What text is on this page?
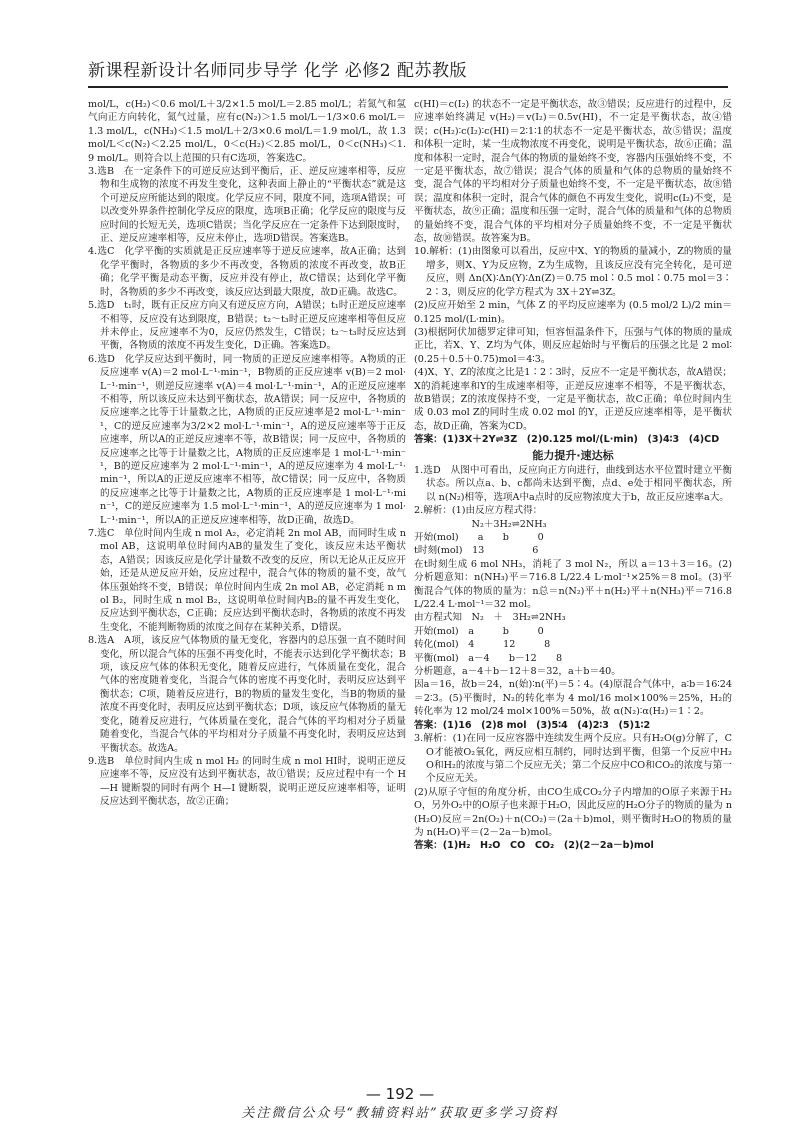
新课程新设计名师同步导学 化学 必修2 配苏教版

mol/L，c(H₂)＜0.6 mol/L＋3/2×1.5 mol/L＝2.85 mol/L；若氮气和氢气向正方向转化，氮气过量，应有c(N₂)＞1.5 mol/L－1/3×0.6 mol/L＝1.3 mol/L，c(NH₃)＜1.5 mol/L＋2/3×0.6 mol/L＝1.9 mol/L，故 1.3 mol/L＜c(N₂)＜2.25 mol/L，0＜c(H₂)＜2.85 mol/L，0＜c(NH₃)＜1.9 mol/L。则符合以上范围的只有C选项，答案选C。

3.选B　在一定条件下的可逆反应达到平衡后，正、逆反应速率相等，反应物和生成物的浓度不再发生变化，这种表面上静止的“平衡状态”就是这个可逆反应所能达到的限度。化学反应不同，限度不同，选项A错误；可以改变外界条件控制化学反应的限度，选项B正确；化学反应的限度与反应时间的长短无关，选项C错误；当化学反应在一定条件下达到限度时，正、逆反应速率相等，反应未停止，选项D错误。答案选B。

4.选C　化学平衡的实质就是正反应速率等于逆反应速率，故A正确；达到化学平衡时，各物质的多少不再改变，各物质的浓度不再改变，故B正确；化学平衡是动态平衡，反应并没有停止，故C错误；达到化学平衡时，各物质的多少不再改变，该反应达到最大限度，故D正确。故选C。

5.选D　t₁时，既有正反应方向又有逆反应方向，A错误；t₁时正逆反应速率不相等，反应没有达到限度，B错误；t₂～t₃时正逆反应速率相等但反应并未停止，反应速率不为0，反应仍然发生，C错误；t₂～t₃时反应达到平衡，各物质的浓度不再发生变化，D正确。答案选D。

6.选D　化学反应达到平衡时，同一物质的正逆反应速率相等。A物质的正反应速率 v(A)＝2 mol·L⁻¹·min⁻¹，B物质的正反应速率 v(B)＝2 mol·L⁻¹·min⁻¹，则逆反应速率 v(A)＝4 mol·L⁻¹·min⁻¹，A的正逆反应速率不相等，所以该反应未达到平衡状态，故A错误；同一反应中，各物质的反应速率之比等于计量数之比，A物质的正反应速率是2 mol·L⁻¹·min⁻¹，C的逆反应速率为3/2×2 mol·L⁻¹·min⁻¹，A的逆反应速率等于正反应速率，所以A的正逆反应速率不等，故B错误；同一反应中，各物质的反应速率之比等于计量数之比，A物质的正反应速率是 1 mol·L⁻¹·min⁻¹，B的逆反应速率为 2 mol·L⁻¹·min⁻¹，A的逆反应速率为 4 mol·L⁻¹·min⁻¹，所以A的正逆反应速率不相等，故C错误；同一反应中，各物质的反应速率之比等于计量数之比，A物质的正反应速率是 1 mol·L⁻¹·min⁻¹，C的逆反应速率为 1.5 mol·L⁻¹·min⁻¹，A的逆反应速率为 1 mol·L⁻¹·min⁻¹，所以A的正逆反应速率相等，故D正确，故选D。

7.选C　单位时间内生成 n mol A₂，必定消耗 2n mol AB，而同时生成 n mol AB，这说明单位时间内AB的量发生了变化，该反应未达平衡状态，A错误；因该反应是化学计量数不改变的反应，所以无论从正反应开始，还是从逆反应开始，反应过程中，混合气体的物质的量不变，故气体压强始终不变，B错误；单位时间内生成 2n mol AB，必定消耗 n mol B₂，同时生成 n mol B₂，这说明单位时间内B₂的量不再发生变化，反应达到平衡状态，C正确；反应达到平衡状态时，各物质的浓度不再发生变化，不能判断物质的浓度之间存在某种关系，D错误。

8.选A　A项，该反应气体物质的量无变化，容器内的总压强一直不随时间变化，所以混合气体的压强不再变化时，不能表示达到化学平衡状态；B项，该反应气体的体积无变化，随着反应进行，气体质量在变化，混合气体的密度随着变化，当混合气体的密度不再变化时，表明反应达到平衡状态；C项，随着反应进行，B的物质的量发生变化，当B的物质的量浓度不再变化时，表明反应达到平衡状态；D项，该反应气体物质的量无变化，随着反应进行，气体质量在变化，混合气体的平均相对分子质量随着变化，当混合气体的平均相对分子质量不再变化时，表明反应达到平衡状态。故选A。

9.选B　单位时间内生成 n mol H₂ 的同时生成 n mol HI时，说明正逆反应速率不等，反应没有达到平衡状态，故①错误；反应过程中有一个 H—H 键断裂的同时有两个 H—I 键断裂，说明正逆反应速率相等，证明反应达到平衡状态，故②正确；

c(HI)＝c(I₂) 的状态不一定是平衡状态，故③错误；反应进行的过程中，反应速率始终满足 v(H₂)＝v(I₂)＝0.5v(HI)，不一定是平衡状态，故④错误；c(H₂)∶c(I₂)∶c(HI)＝2∶1∶1的状态不一定是平衡状态，故⑤错误；温度和体积一定时，某一生成物浓度不再变化，说明是平衡状态，故⑥正确；温度和体积一定时，混合气体的物质的量始终不变，容器内压强始终不变，不一定是平衡状态，故⑦错误；混合气体的质量和气体的总物质的量始终不变，混合气体的平均相对分子质量也始终不变，不一定是平衡状态，故⑧错误；温度和体积一定时，混合气体的颜色不再发生变化，说明c(I₂)不变，是平衡状态，故⑨正确；温度和压强一定时，混合气体的质量和气体的总物质的量始终不变，混合气体的平均相对分子质量始终不变，不一定是平衡状态，故⑩错误。故答案为B。

10.解析：(1)由图象可以看出，反应中X、Y的物质的量减小，Z的物质的量增多，则X、Y为反应物，Z为生成物，且该反应没有完全转化，是可逆反应，则 Δn(X)∶Δn(Y)∶Δn(Z)＝0.75 mol∶0.5 mol∶0.75 mol＝3∶2∶3，则反应的化学方程式为 3X＋2Y⇌3Z。

(2)反应开始至 2 min，气体 Z 的平均反应速率为 (0.5 mol/2 L)/2 min＝0.125 mol/(L·min)。

(3)根据阿伏加德罗定律可知，恒容恒温条件下，压强与气体的物质的量成正比，若X、Y、Z均为气体，则反应起始时与平衡后的压强之比是 2 mol∶(0.25＋0.5＋0.75)mol＝4∶3。

(4)X、Y、Z的浓度之比是1∶2∶3时，反应不一定是平衡状态，故A错误；X的消耗速率和Y的生成速率相等，正逆反应速率不相等，不是平衡状态，故B错误；Z的浓度保持不变，一定是平衡状态，故C正确；单位时间内生成 0.03 mol Z的同时生成 0.02 mol 的Y，正逆反应速率相等，是平衡状态，故D正确，答案为CD。

答案：(1)3X＋2Y⇌3Z　(2)0.125 mol/(L·min)　(3)4∶3　(4)CD

能力提升·速达标

1.选D　从图中可看出，反应向正方向进行，曲线到达水平位置时建立平衡状态。所以点a、b、c都尚未达到平衡，点d、e处于相同平衡状态，所以 n(N₂)相等，选项A中a点时的反应物浓度大于b，故正反应速率a大。

2.解析：(1)由反应方程式得：

　　　　　　N₂＋3H₂⇌2NH₃

开始(mol)　　a　　b　　　0

t时刻(mol)　13　　　　　6

在t时刻生成 6 mol NH₃，消耗了 3 mol N₂，所以 a＝13＋3＝16。(2)分析题意知：n(NH₃)平＝716.8 L/22.4 L·mol⁻¹×25%＝8 mol。(3)平衡混合气体的物质的量为：n总＝n(N₂)平＋n(H₂)平＋n(NH₃)平＝716.8 L/22.4 L·mol⁻¹＝32 mol。

由方程式知　N₂　＋　3H₂⇌2NH₃

开始(mol)　a　　　b　　　0

转化(mol)　4　　　12　　　8

平衡(mol)　a－4　　b－12　　8

分析题意，a－4＋b－12＋8＝32，a＋b＝40。

因a＝16，故b＝24，n(始)∶n(平)＝5∶4。(4)原混合气体中，a∶b＝16∶24＝2∶3。(5)平衡时，N₂的转化率为 4 mol/16 mol×100%＝25%，H₂的转化率为 12 mol/24 mol×100%＝50%，故 α(N₂)∶α(H₂)＝1∶2。

答案：(1)16　(2)8 mol　(3)5∶4　(4)2∶3　(5)1∶2

3.解析：(1)在同一反应容器中连续发生两个反应。只有H₂O(g)分解了，CO才能被O₂氧化，两反应相互制约，同时达到平衡，但第一个反应中H₂O和H₂的浓度与第二个反应无关；第二个反应中CO和CO₂的浓度与第一个反应无关。

(2)从原子守恒的角度分析，由CO生成CO₂分子内增加的O原子来源于H₂O，另外O₂中的O原子也来源于H₂O，因此反应的H₂O分子的物质的量为 n(H₂O)反应＝2n(O₂)＋n(CO₂)＝(2a＋b)mol，则平衡时H₂O的物质的量为 n(H₂O)平＝(2－2a－b)mol。

答案：(1)H₂　H₂O　CO　CO₂　(2)(2－2a－b)mol

— 192 —
关注微信公众号“教辅资料站”获取更多学习资料
